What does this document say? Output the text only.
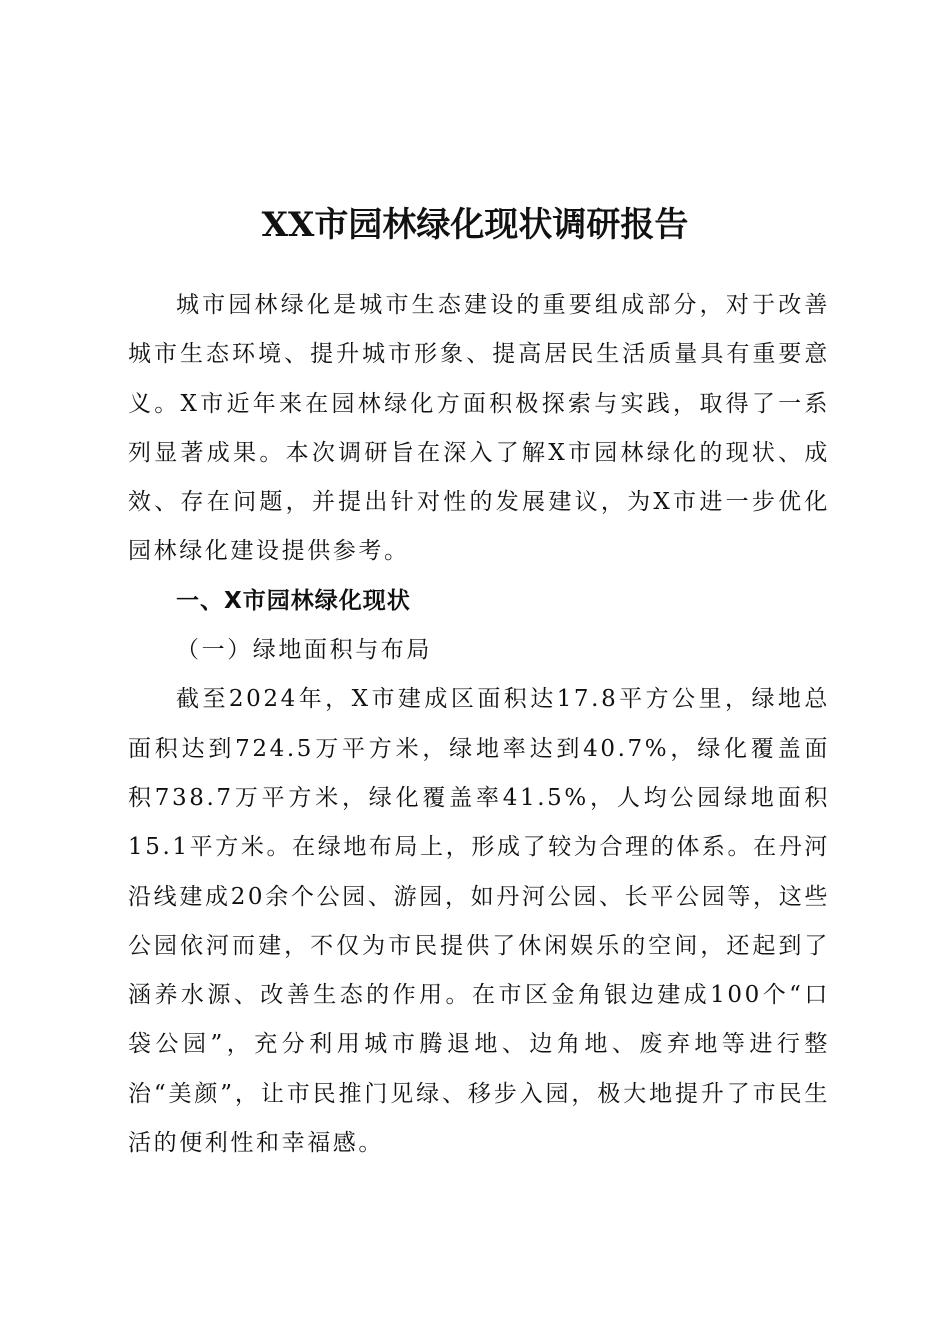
XX市园林绿化现状调研报告

城市园林绿化是城市生态建设的重要组成部分，对于改善城市生态环境、提升城市形象、提高居民生活质量具有重要意义。X市近年来在园林绿化方面积极探索与实践，取得了一系列显著成果。本次调研旨在深入了解X市园林绿化的现状、成效、存在问题，并提出针对性的发展建议，为X市进一步优化园林绿化建设提供参考。

一、X市园林绿化现状

（一）绿地面积与布局

截至2024年，X市建成区面积达17.8平方公里，绿地总面积达到724.5万平方米，绿地率达到40.7%，绿化覆盖面积738.7万平方米，绿化覆盖率41.5%，人均公园绿地面积15.1平方米。在绿地布局上，形成了较为合理的体系。在丹河沿线建成20余个公园、游园，如丹河公园、长平公园等，这些公园依河而建，不仅为市民提供了休闲娱乐的空间，还起到了涵养水源、改善生态的作用。在市区金角银边建成100个“口袋公园”，充分利用城市腾退地、边角地、废弃地等进行整治“美颜”，让市民推门见绿、移步入园，极大地提升了市民生活的便利性和幸福感。
